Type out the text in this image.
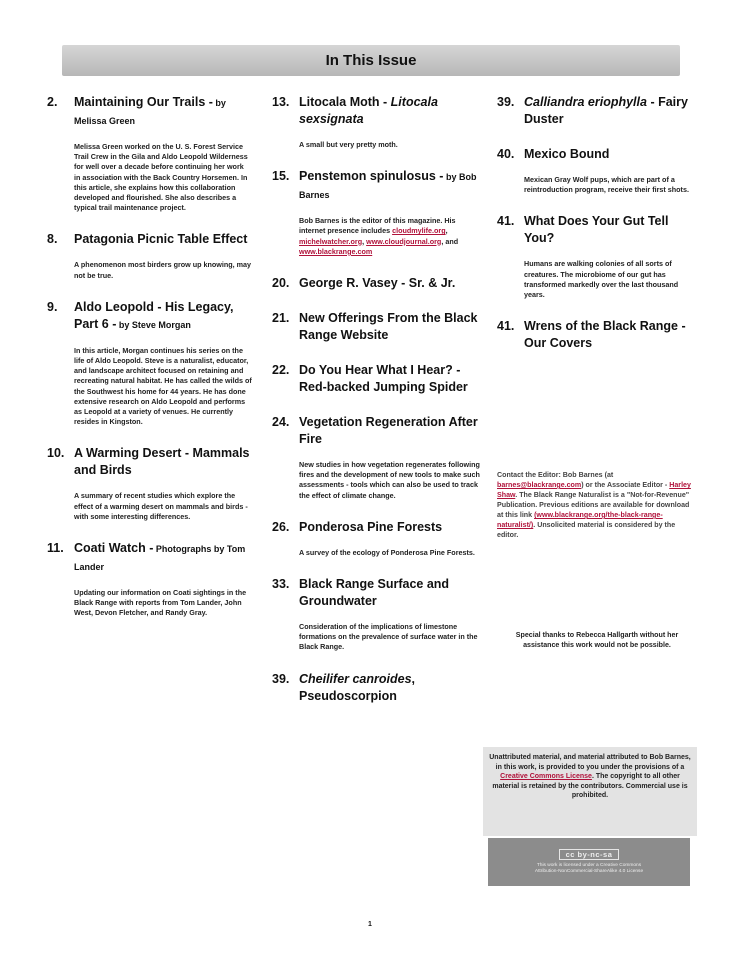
In This Issue
2.	Maintaining Our Trails - by Melissa Green
Melissa Green worked on the U. S. Forest Service Trail Crew in the Gila and Aldo Leopold Wilderness for well over a decade before continuing her work in association with the Back Country Horsemen. In this article, she explains how this collaboration developed and flourished. She also describes a typical trail maintenance project.
8.	Patagonia Picnic Table Effect
A phenomenon most birders grow up knowing, may not be true.
9.	Aldo Leopold - His Legacy, Part 6 - by Steve Morgan
In this article, Morgan continues his series on the life of Aldo Leopold. Steve is a naturalist, educator, and landscape architect focused on retaining and recreating natural habitat. He has called the wilds of the Southwest his home for 44 years. He has done extensive research on Aldo Leopold and performs as Leopold at a variety of venues. He currently resides in Kingston.
10. A Warming Desert - Mammals and Birds
A summary of recent studies which explore the effect of a warming desert on mammals and birds - with some interesting differences.
11. Coati Watch - Photographs by Tom Lander
Updating our information on Coati sightings in the Black Range with reports from Tom Lander, John West, Devon Fletcher, and Randy Gray.
13. Litocala Moth - Litocala sexsignata
A small but very pretty moth.
15. Penstemon spinulosus - by Bob Barnes
Bob Barnes is the editor of this magazine. His internet presence includes cloudmylife.org, michelwatcher.org, www.cloudjournal.org, and www.blackrange.com
20. George R. Vasey - Sr. & Jr.
21. New Offerings From the Black Range Website
22. Do You Hear What I Hear? - Red-backed Jumping Spider
24. Vegetation Regeneration After Fire
New studies in how vegetation regenerates following fires and the development of new tools to make such assessments - tools which can also be used to track the effect of climate change.
26. Ponderosa Pine Forests
A survey of the ecology of Ponderosa Pine Forests.
33. Black Range Surface and Groundwater
Consideration of the implications of limestone formations on the prevalence of surface water in the Black Range.
39. Cheilifer canroides, Pseudoscorpion
39. Calliandra eriophylla - Fairy Duster
40. Mexico Bound
Mexican Gray Wolf pups, which are part of a reintroduction program, receive their first shots.
41. What Does Your Gut Tell You?
Humans are walking colonies of all sorts of creatures. The microbiome of our gut has transformed markedly over the last thousand years.
41. Wrens of the Black Range - Our Covers
Contact the Editor: Bob Barnes (at barnes@blackrange.com) or the Associate Editor - Harley Shaw. The Black Range Naturalist is a "Not-for-Revenue" Publication. Previous editions are available for download at this link (www.blackrange.org/the-black-range-naturalist/). Unsolicited material is considered by the editor.
Special thanks to Rebecca Hallgarth without her assistance this work would not be possible.
Unattributed material, and material attributed to Bob Barnes, in this work, is provided to you under the provisions of a Creative Commons License. The copyright to all other material is retained by the contributors. Commercial use is prohibited.
cc by-nc-sa
This work is licensed under a Creative Commons
Attribution-NonCommercial-ShareAlike 4.0 License
1
